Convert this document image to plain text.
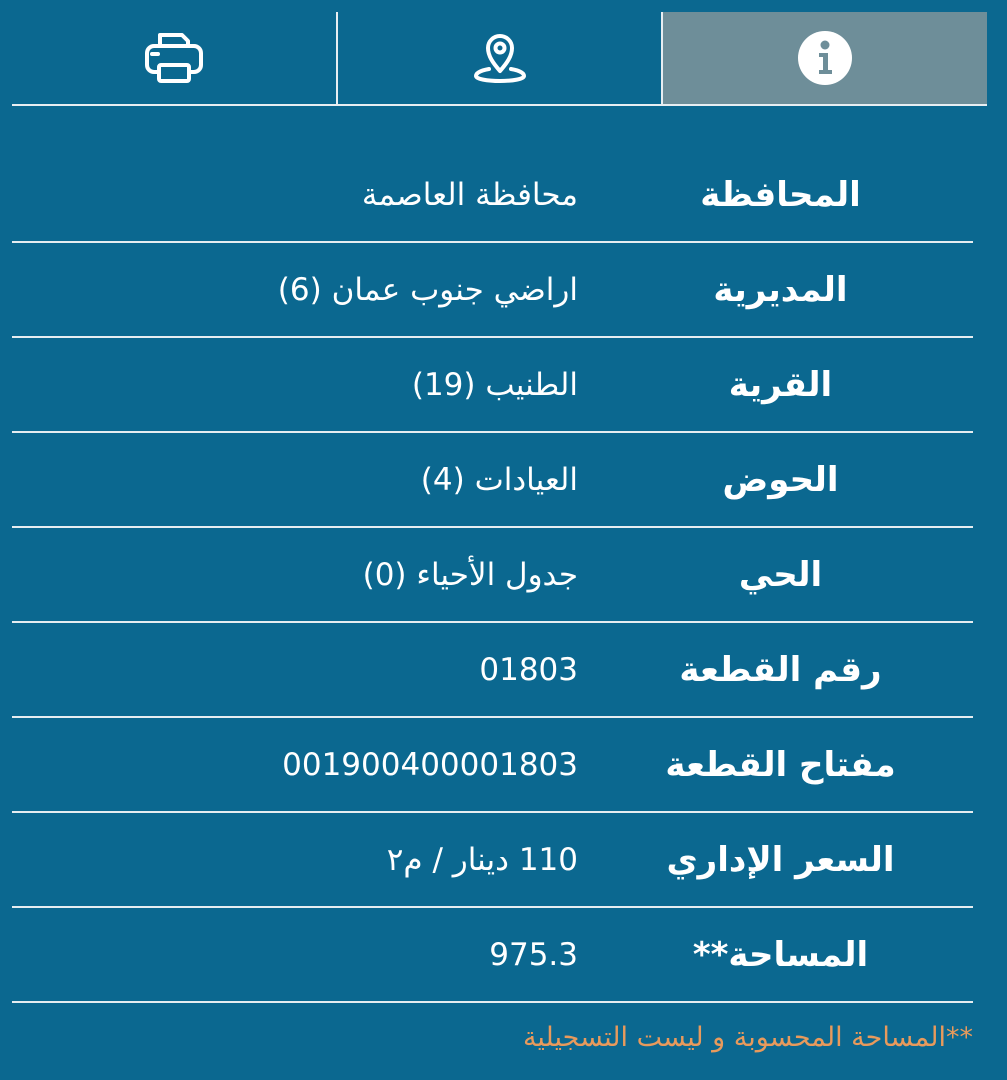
المحافظة
محافظة العاصمة
المديرية
اراضي جنوب عمان (6)
القرية
الطنيب (19)
الحوض
العيادات (4)
الحي
جدول الأحياء (0)
رقم القطعة
01803
مفتاح القطعة
001900400001803
السعر الإداري
110 دينار / م٢
المساحة**
975.3
**المساحة المحسوبة و ليست التسجيلية
